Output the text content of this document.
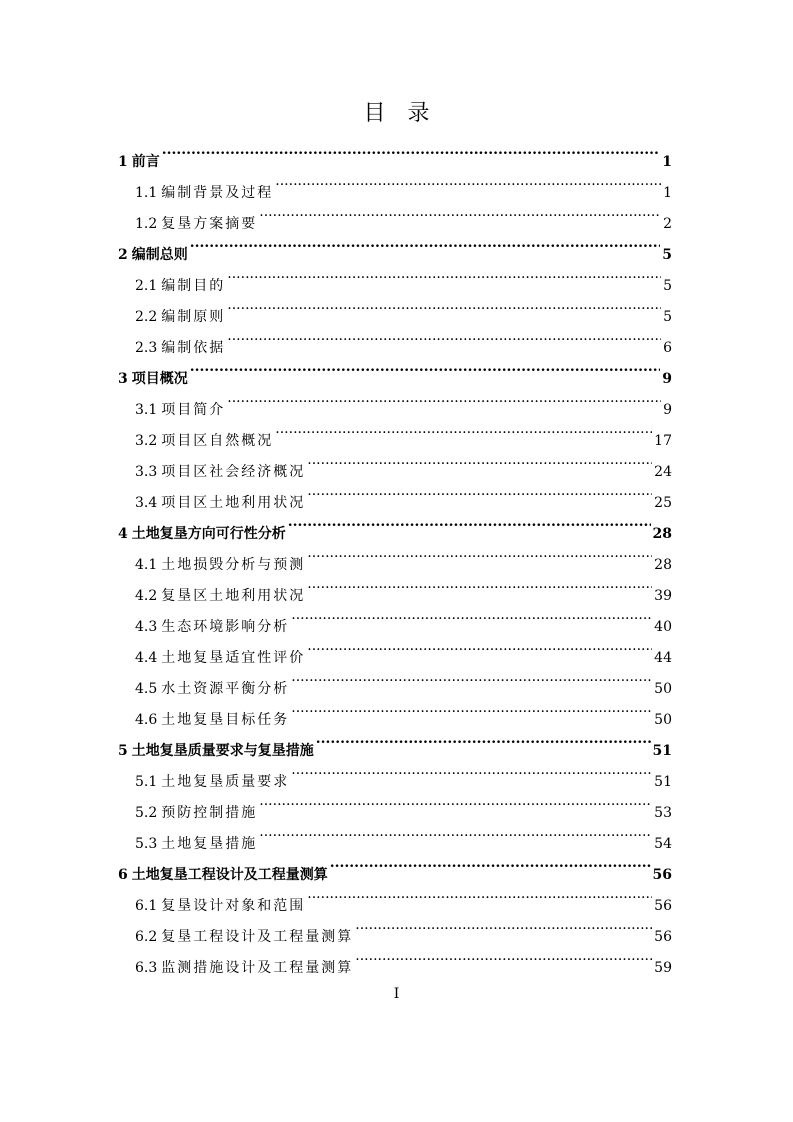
目 录
1 前言 .....	1
1.1 编制背景及过程 .....	1
1.2 复垦方案摘要 .....	2
2 编制总则 .....	5
2.1 编制目的 .....	5
2.2 编制原则 .....	5
2.3 编制依据 .....	6
3 项目概况 .....	9
3.1 项目简介 .....	9
3.2 项目区自然概况 .....	17
3.3 项目区社会经济概况 .....	24
3.4 项目区土地利用状况 .....	25
4 土地复垦方向可行性分析 .....	28
4.1 土地损毁分析与预测 .....	28
4.2 复垦区土地利用状况 .....	39
4.3 生态环境影响分析 .....	40
4.4 土地复垦适宜性评价 .....	44
4.5 水土资源平衡分析 .....	50
4.6 土地复垦目标任务 .....	50
5 土地复垦质量要求与复垦措施 .....	51
5.1 土地复垦质量要求 .....	51
5.2 预防控制措施 .....	53
5.3 土地复垦措施 .....	54
6 土地复垦工程设计及工程量测算 .....	56
6.1 复垦设计对象和范围 .....	56
6.2 复垦工程设计及工程量测算 .....	56
6.3 监测措施设计及工程量测算 .....	59
I
